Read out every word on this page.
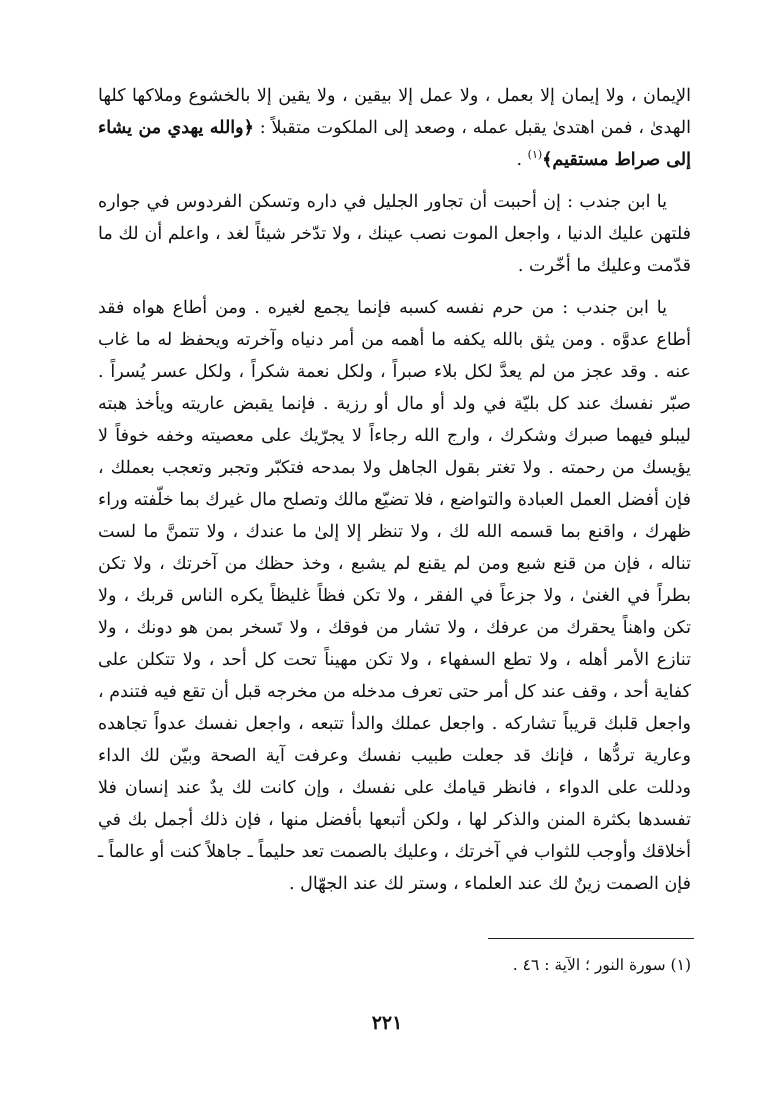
الإيمان ، ولا إيمان إلا بعمل ، ولا عمل إلا بيقين ، ولا يقين إلا بالخشوع وملاكها كلها الهدىٰ ، فمن اهتدىٰ يقبل عمله ، وصعد إلى الملكوت متقبلاً : ﴿والله يهدي من يشاء إلى صراط مستقيم﴾$^{(١)}$ .

يا ابن جندب : إن أحببت أن تجاور الجليل في داره وتسكن الفردوس في جواره فلتهن عليك الدنيا ، واجعل الموت نصب عينك ، ولا تدّخر شيئاً لغد ، واعلم أن لك ما قدّمت وعليك ما أخّرت .

يا ابن جندب : من حرم نفسه كسبه فإنما يجمع لغيره . ومن أطاع هواه فقد أطاع عدوَّه . ومن يثق بالله يكفه ما أهمه من أمر دنياه وآخرته ويحفظ له ما غاب عنه . وقد عجز من لم يعدَّ لكل بلاء صبراً ، ولكل نعمة شكراً ، ولكل عسر يُسراً . صبّر نفسك عند كل بليّة في ولد أو مال أو رزية . فإنما يقبض عاريته ويأخذ هبته ليبلو فيهما صبرك وشكرك ، وارج الله رجاءاً لا يجرّيك على معصيته وخفه خوفاً لا يؤيسك من رحمته . ولا تغتر بقول الجاهل ولا بمدحه فتكبّر وتجبر وتعجب بعملك ، فإن أفضل العمل العبادة والتواضع ، فلا تضيّع مالك وتصلح مال غيرك بما خلّفته وراء ظهرك ، واقنع بما قسمه الله لك ، ولا تنظر إلا إلىٰ ما عندك ، ولا تتمنَّ ما لست تناله ، فإن من قنع شبع ومن لم يقنع لم يشبع ، وخذ حظك من آخرتك ، ولا تكن بطراً في الغنىٰ ، ولا جزعاً في الفقر ، ولا تكن فظاً غليظاً يكره الناس قربك ، ولا تكن واهناً يحقرك من عرفك ، ولا تشار من فوقك ، ولا تَسخر بمن هو دونك ، ولا تنازع الأمر أهله ، ولا تطع السفهاء ، ولا تكن مهيناً تحت كل أحد ، ولا تتكلن على كفاية أحد ، وقف عند كل أمر حتى تعرف مدخله من مخرجه قبل أن تقع فيه فتندم ، واجعل قلبك قريباً تشاركه . واجعل عملك والدأ تتبعه ، واجعل نفسك عدواً تجاهده وعارية تردُّها ، فإنك قد جعلت طبيب نفسك وعرفت آية الصحة وبيّن لك الداء ودللت على الدواء ، فانظر قيامك على نفسك ، وإن كانت لك يدٌ عند إنسان فلا تفسدها بكثرة المنن والذكر لها ، ولكن أتبعها بأفضل منها ، فإن ذلك أجمل بك في أخلاقك وأوجب للثواب في آخرتك ، وعليك بالصمت تعد حليماً ـ جاهلاً كنت أو عالماً ـ فإن الصمت زينٌ لك عند العلماء ، وستر لك عند الجهّال .

(١) سورة النور ؛ الآية : ٤٦ .

٢٢١
